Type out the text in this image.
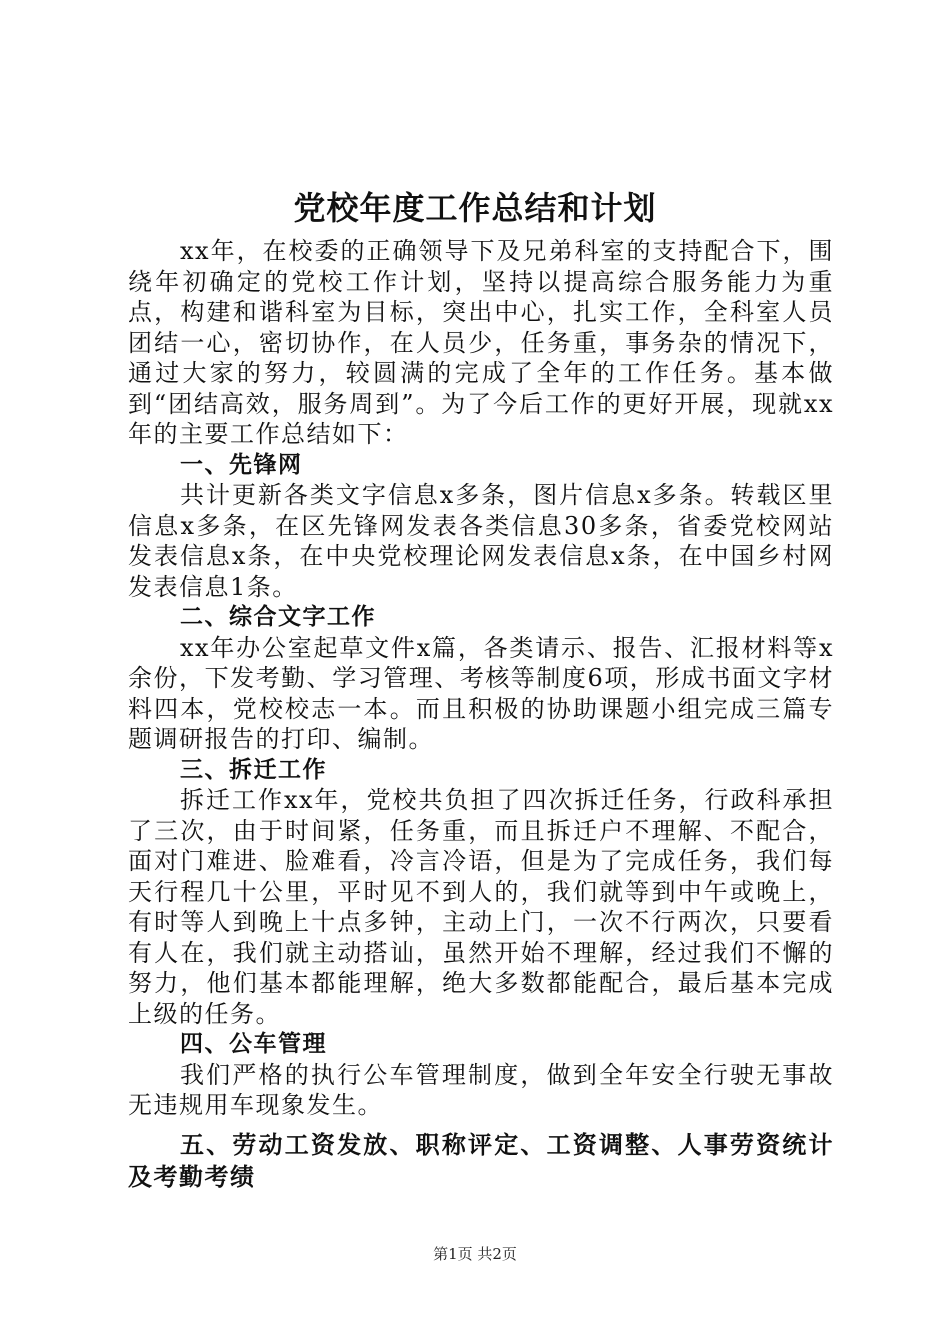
党校年度工作总结和计划

xx年，在校委的正确领导下及兄弟科室的支持配合下，围绕年初确定的党校工作计划，坚持以提高综合服务能力为重点，构建和谐科室为目标，突出中心，扎实工作，全科室人员团结一心，密切协作，在人员少，任务重，事务杂的情况下，通过大家的努力，较圆满的完成了全年的工作任务。基本做到“团结高效，服务周到”。为了今后工作的更好开展，现就xx年的主要工作总结如下：

一、先锋网

共计更新各类文字信息x多条，图片信息x多条。转载区里信息x多条，在区先锋网发表各类信息30多条，省委党校网站发表信息x条，在中央党校理论网发表信息x条，在中国乡村网发表信息1条。

二、综合文字工作

xx年办公室起草文件x篇，各类请示、报告、汇报材料等x余份，下发考勤、学习管理、考核等制度6项，形成书面文字材料四本，党校校志一本。而且积极的协助课题小组完成三篇专题调研报告的打印、编制。

三、拆迁工作

拆迁工作xx年，党校共负担了四次拆迁任务，行政科承担了三次，由于时间紧，任务重，而且拆迁户不理解、不配合，面对门难进、脸难看，冷言冷语，但是为了完成任务，我们每天行程几十公里，平时见不到人的，我们就等到中午或晚上，有时等人到晚上十点多钟，主动上门，一次不行两次，只要看有人在，我们就主动搭讪，虽然开始不理解，经过我们不懈的努力，他们基本都能理解，绝大多数都能配合，最后基本完成上级的任务。

四、公车管理

我们严格的执行公车管理制度，做到全年安全行驶无事故无违规用车现象发生。

五、劳动工资发放、职称评定、工资调整、人事劳资统计及考勤考绩

第1页 共2页
